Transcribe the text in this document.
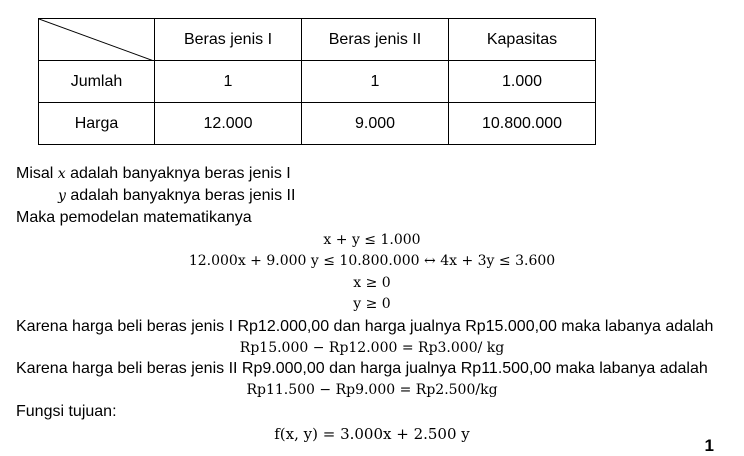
	Beras jenis I	Beras jenis II	Kapasitas
Jumlah	1	1	1.000
Harga	12.000	9.000	10.800.000
Misal x adalah banyaknya beras jenis I
y adalah banyaknya beras jenis II
Maka pemodelan matematikanya
x + y ≤ 1.000
12.000x + 9.000 y ≤ 10.800.000 ↔ 4x + 3y ≤ 3.600
x ≥ 0
y ≥ 0
Karena harga beli beras jenis I Rp12.000,00 dan harga jualnya Rp15.000,00 maka labanya adalah
Rp15.000 − Rp12.000 = Rp3.000/ kg
Karena harga beli beras jenis II Rp9.000,00 dan harga jualnya Rp11.500,00 maka labanya adalah
Rp11.500 − Rp9.000 = Rp2.500/kg
Fungsi tujuan:
f(x, y) = 3.000x + 2.500 y
1
